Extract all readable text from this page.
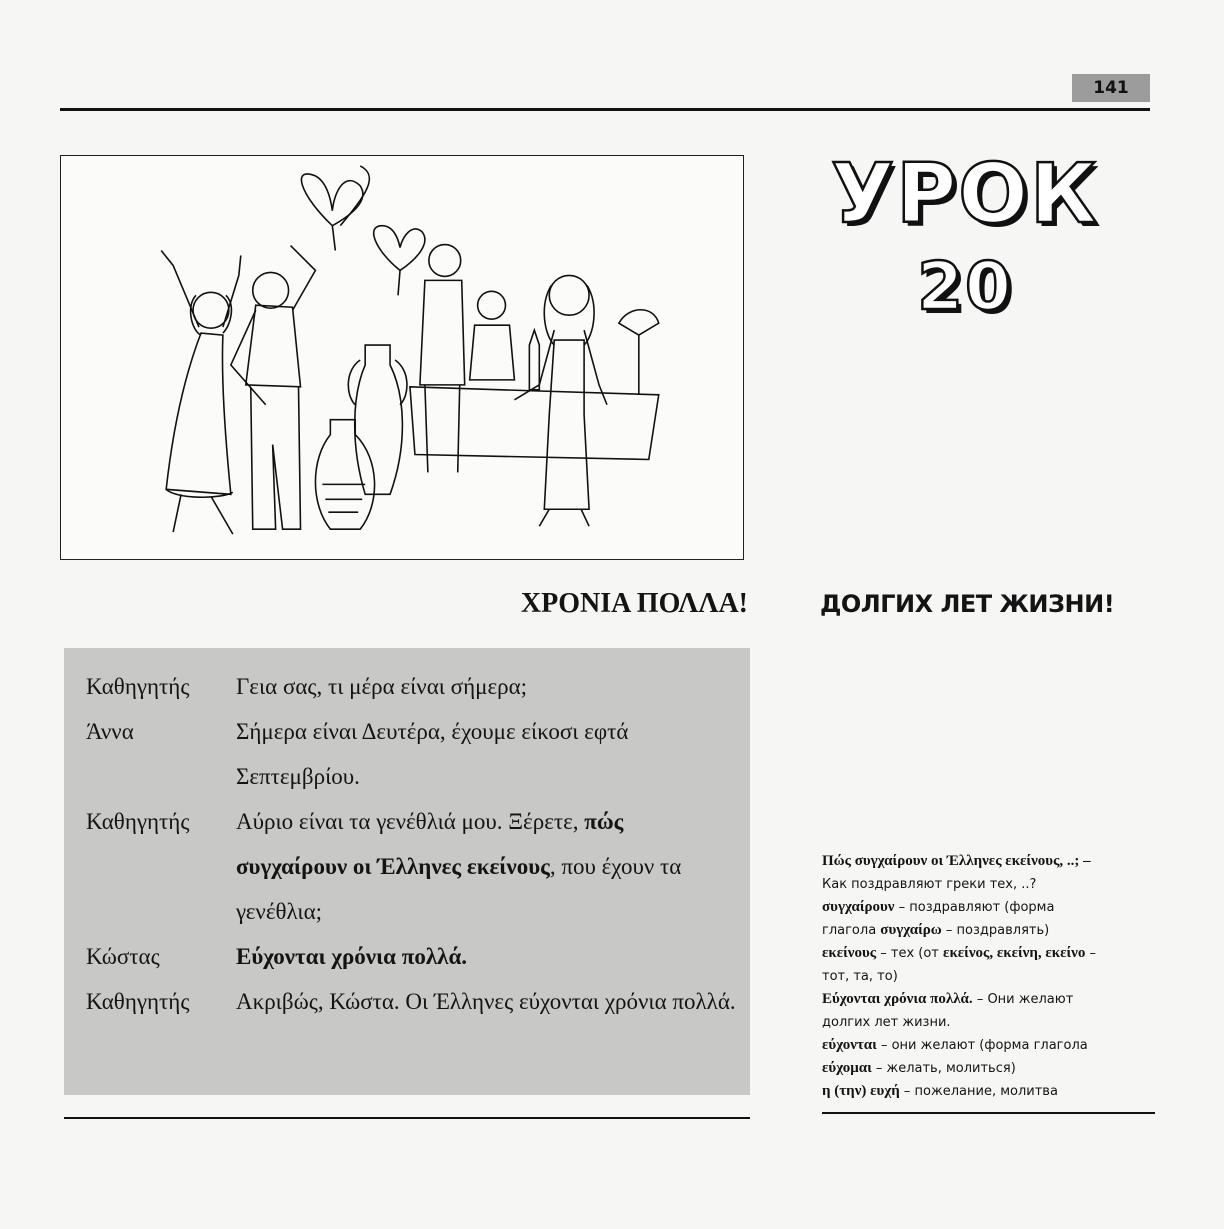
141
УРОК
20
ΧΡΟΝΙΑ ΠΟΛΛΑ!	ДОЛГИХ ЛЕТ ЖИЗНИ!
Καθηγητής	Γεια σας, τι μέρα είναι σήμερα;
Άννα	Σήμερα είναι Δευτέρα, έχουμε είκοσι εφτά Σεπτεμβρίου.
Καθηγητής	Αύριο είναι τα γενέθλιά μου. Ξέρετε, πώς συγχαίρουν οι Έλληνες εκείνους, που έχουν τα γενέθλια;
Κώστας	Εύχονται χρόνια πολλά.
Καθηγητής	Ακριβώς, Κώστα. Οι Έλληνες εύχονται χρόνια πολλά.
Πώς συγχαίρουν οι Έλληνες εκείνους, ..; –
Как поздравляют греки тех, ..?
συγχαίρουν – поздравляют (форма
глагола συγχαίρω – поздравлять)
εκείνους – тех (от εκείνος, εκείνη, εκείνο –
тот, та, то)
Εύχονται χρόνια πολλά. – Они желают
долгих лет жизни.
εύχονται – они желают (форма глагола
εύχομαι – желать, молиться)
η (την) ευχή – пожелание, молитва
